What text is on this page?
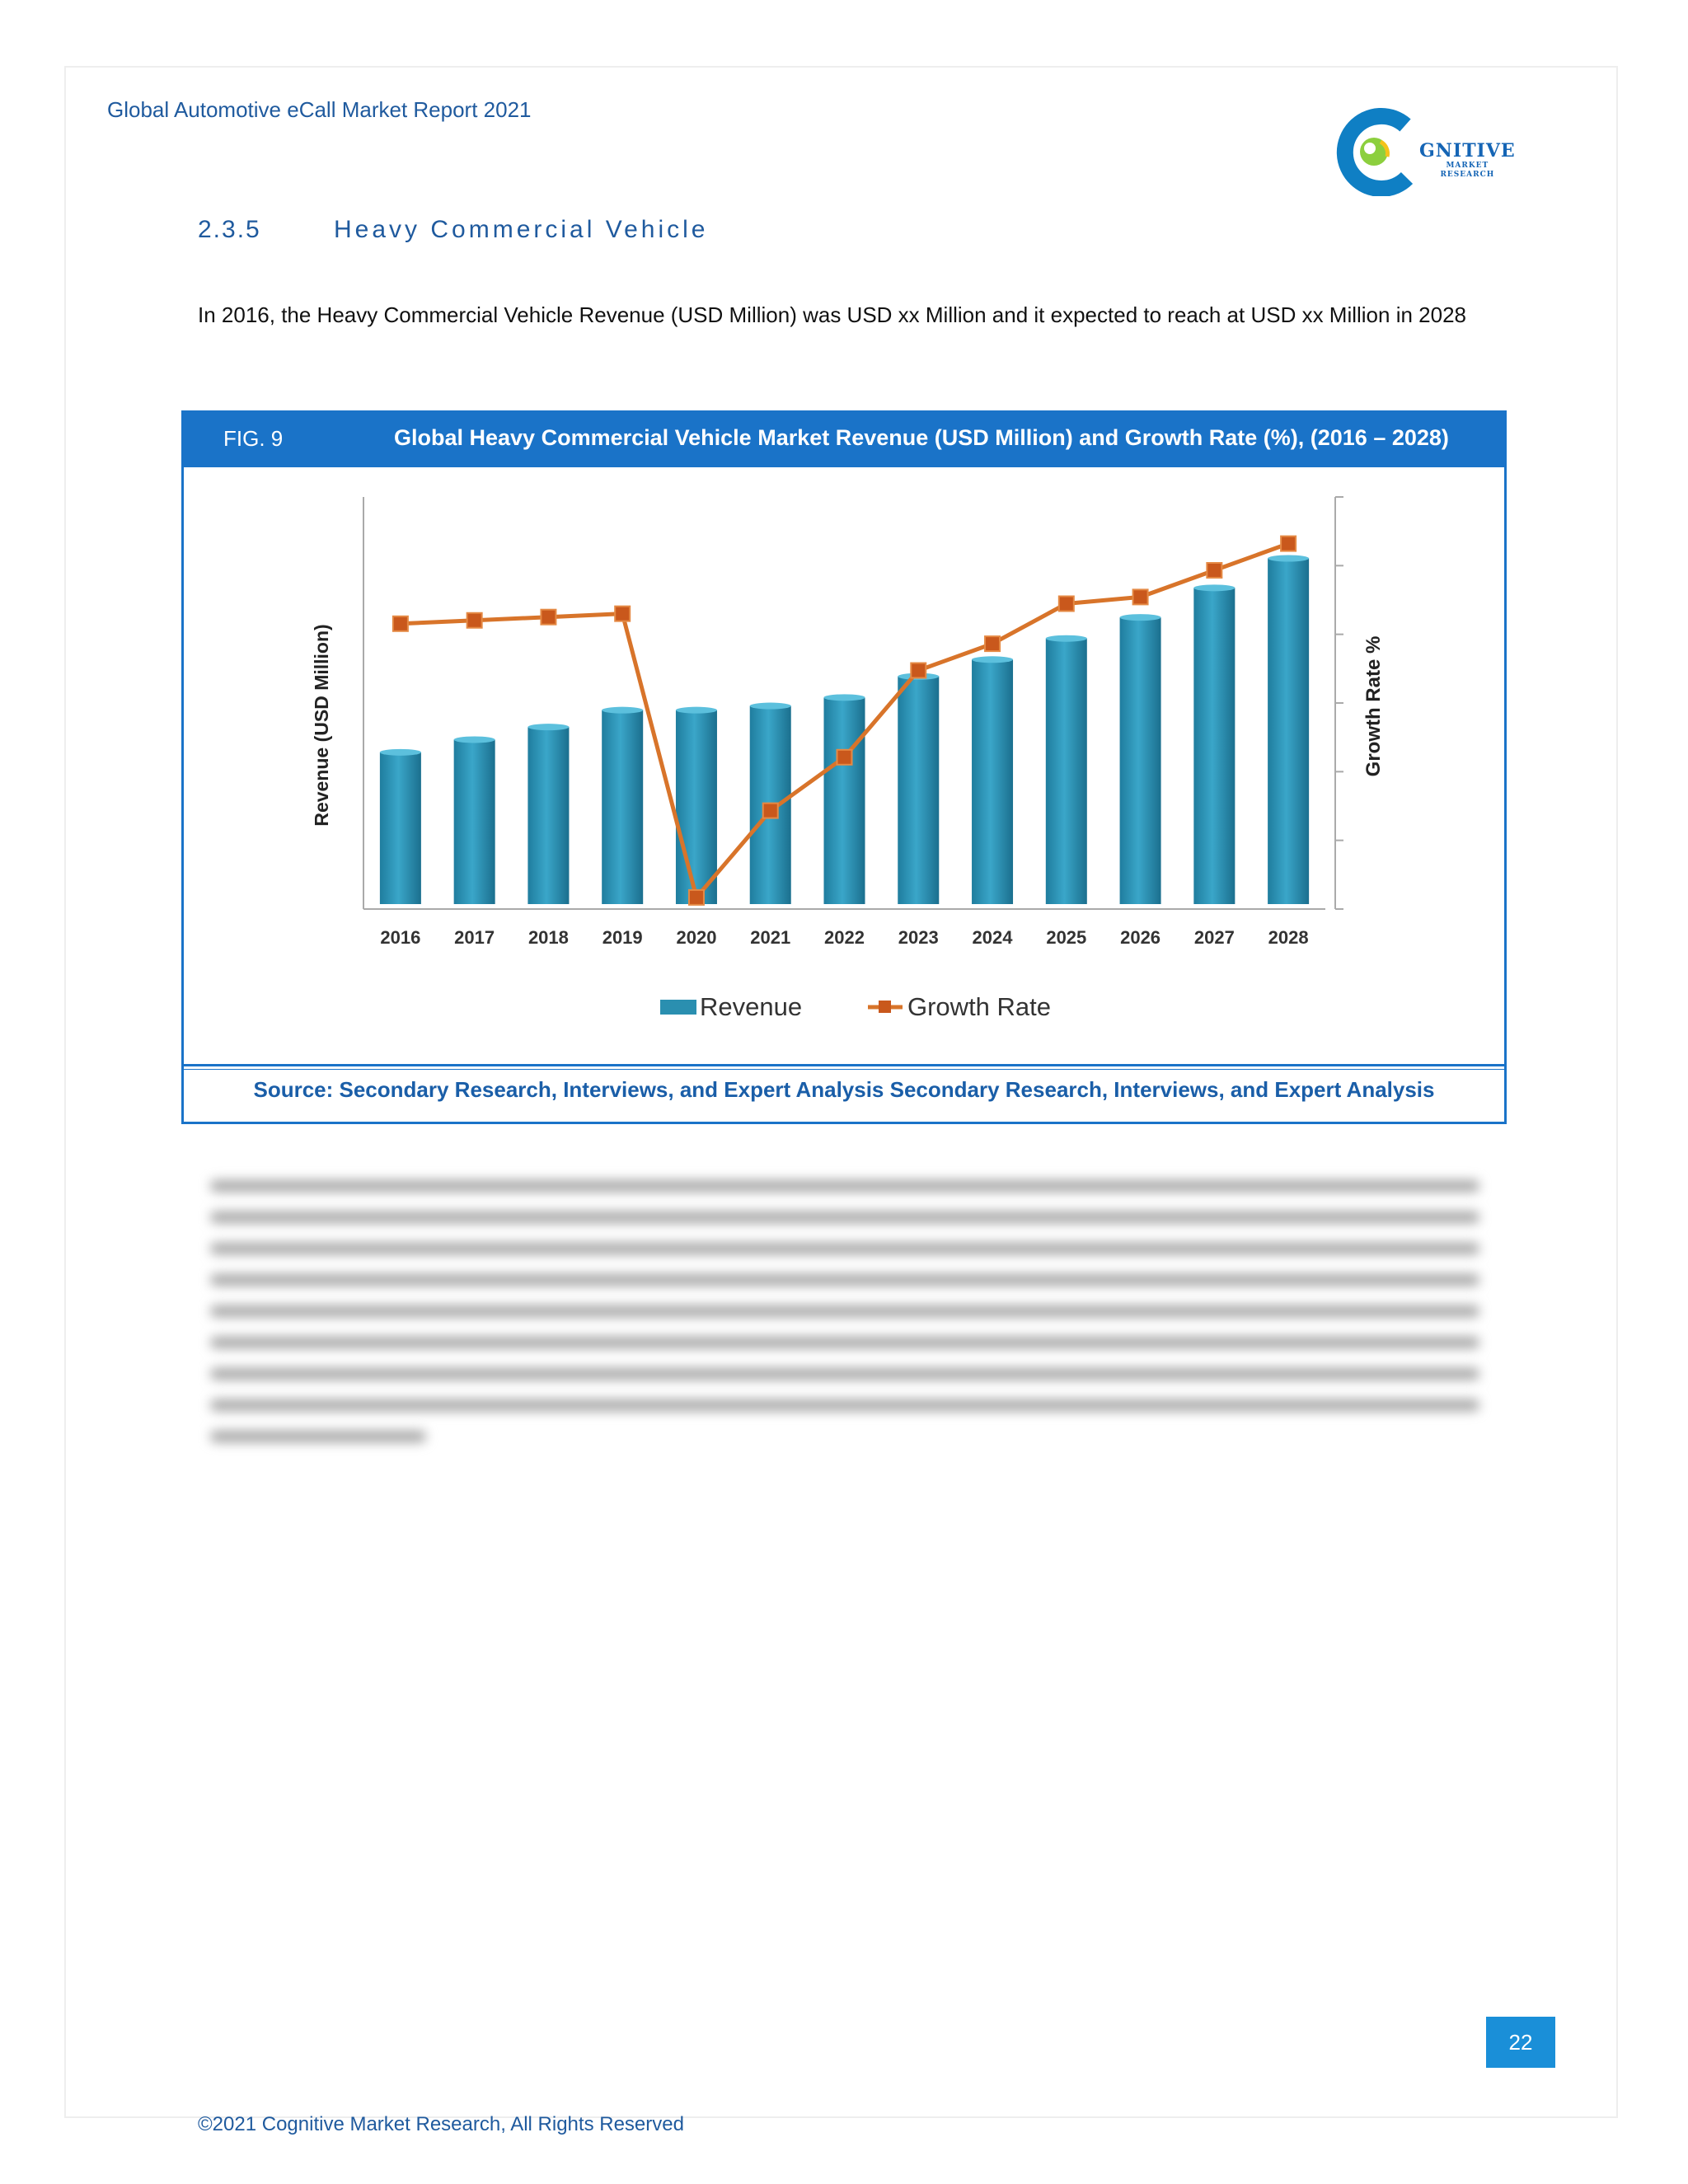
Global Automotive eCall Market Report 2021
GNITIVE
MARKET
RESEARCH
2.3.5	Heavy Commercial Vehicle
In 2016, the Heavy Commercial Vehicle Revenue (USD Million) was USD xx Million and it expected to reach at USD xx Million in 2028
FIG. 9	Global Heavy Commercial Vehicle Market Revenue (USD Million) and Growth Rate (%), (2016 – 2028)
2016 2017 2018 2019 2020 2021 2022 2023 2024 2025 2026 2027 2028
Revenue (USD Million)	Growth Rate %
Revenue	Growth Rate
Source: Secondary Research, Interviews, and Expert Analysis Secondary Research, Interviews, and Expert Analysis
22
©2021 Cognitive Market Research, All Rights Reserved
